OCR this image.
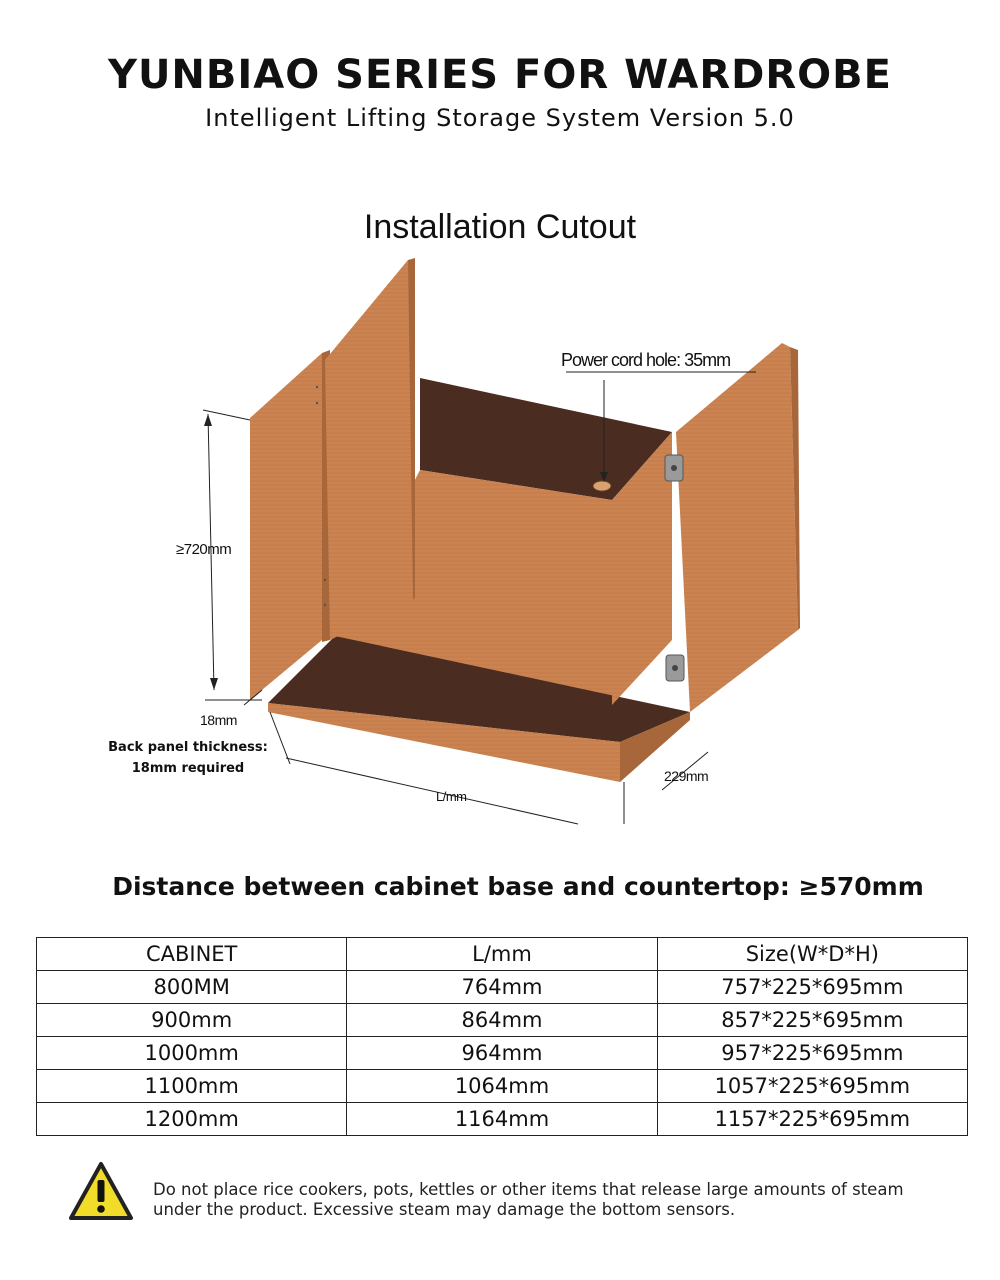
YUNBIAO SERIES FOR WARDROBE
Intelligent Lifting Storage System Version 5.0
Installation Cutout
Power cord hole: 35mm
≥720mm
18mm
L/mm
229mm
Back panel thickness:
18mm required
Distance between cabinet base and countertop: ≥570mm
CABINET	L/mm	Size(W*D*H)
800MM	764mm	757*225*695mm
900mm	864mm	857*225*695mm
1000mm	964mm	957*225*695mm
1100mm	1064mm	1057*225*695mm
1200mm	1164mm	1157*225*695mm
Do not place rice cookers, pots, kettles or other items that release large amounts of steam
under the product. Excessive steam may damage the bottom sensors.
